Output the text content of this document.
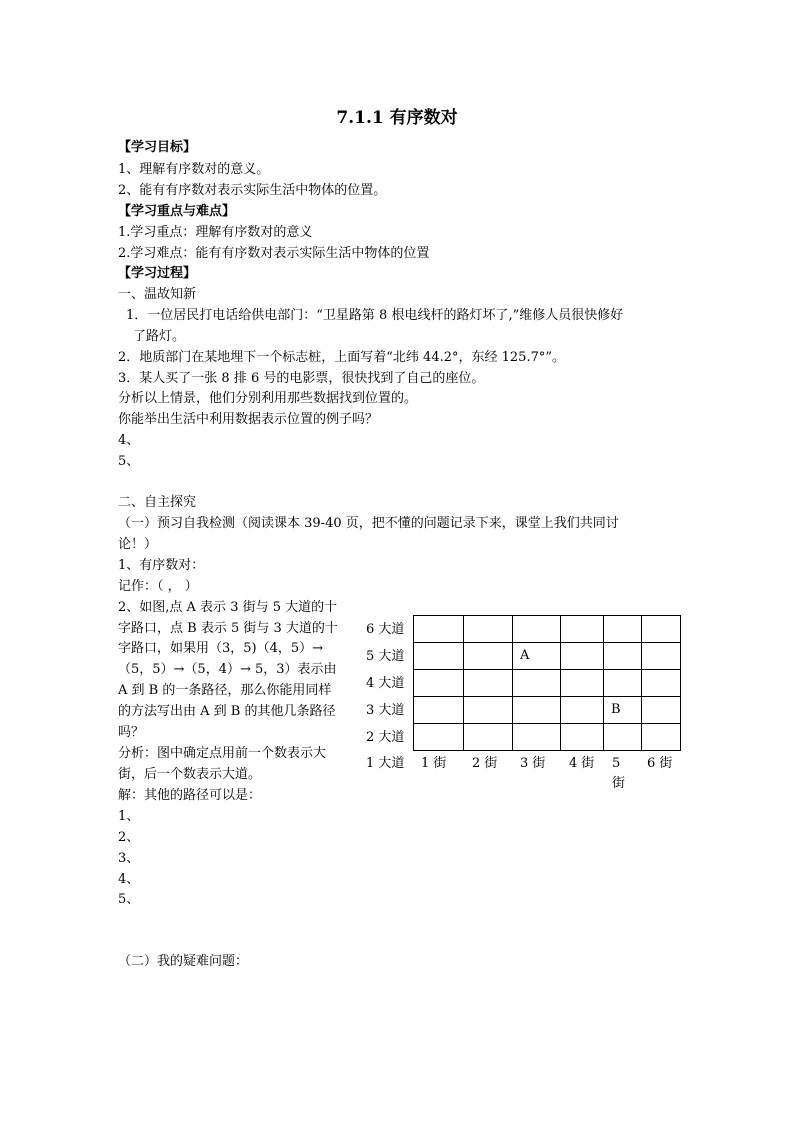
7.1.1 有序数对
【学习目标】
1、理解有序数对的意义。
2、能有有序数对表示实际生活中物体的位置。
【学习重点与难点】
1.学习重点：理解有序数对的意义
2.学习难点：能有有序数对表示实际生活中物体的位置
【学习过程】
一、温故知新
1．一位居民打电话给供电部门：“卫星路第 8 根电线杆的路灯坏了,”维修人员很快修好
了路灯。
2．地质部门在某地埋下一个标志桩，上面写着“北纬 44.2°，东经 125.7°”。
3．某人买了一张 8 排 6 号的电影票，很快找到了自己的座位。
分析以上情景，他们分别利用那些数据找到位置的。
你能举出生活中利用数据表示位置的例子吗？
4、
5、
二、自主探究
（一）预习自我检测（阅读课本 39-40 页，把不懂的问题记录下来，课堂上我们共同讨
论！）
1、有序数对：
记作：（ ， ）
2、如图,点 A 表示 3 街与 5 大道的十
字路口，点 B 表示 5 街与 3 大道的十
字路口，如果用（3，5)（4，5）→
（5，5）→（5，4）→ 5，3）表示由
A 到 B 的一条路径，那么你能用同样
的方法写出由 A 到 B 的其他几条路径
吗？
分析：图中确定点用前一个数表示大
街，后一个数表示大道。
解：其他的路径可以是：
1、
2、
3、
4、
5、
（二）我的疑难问题：
6 大道
5 大道
4 大道
3 大道
2 大道
1 大道 1 街 2 街 3 街 4 街 5
街
6 街
A
B
